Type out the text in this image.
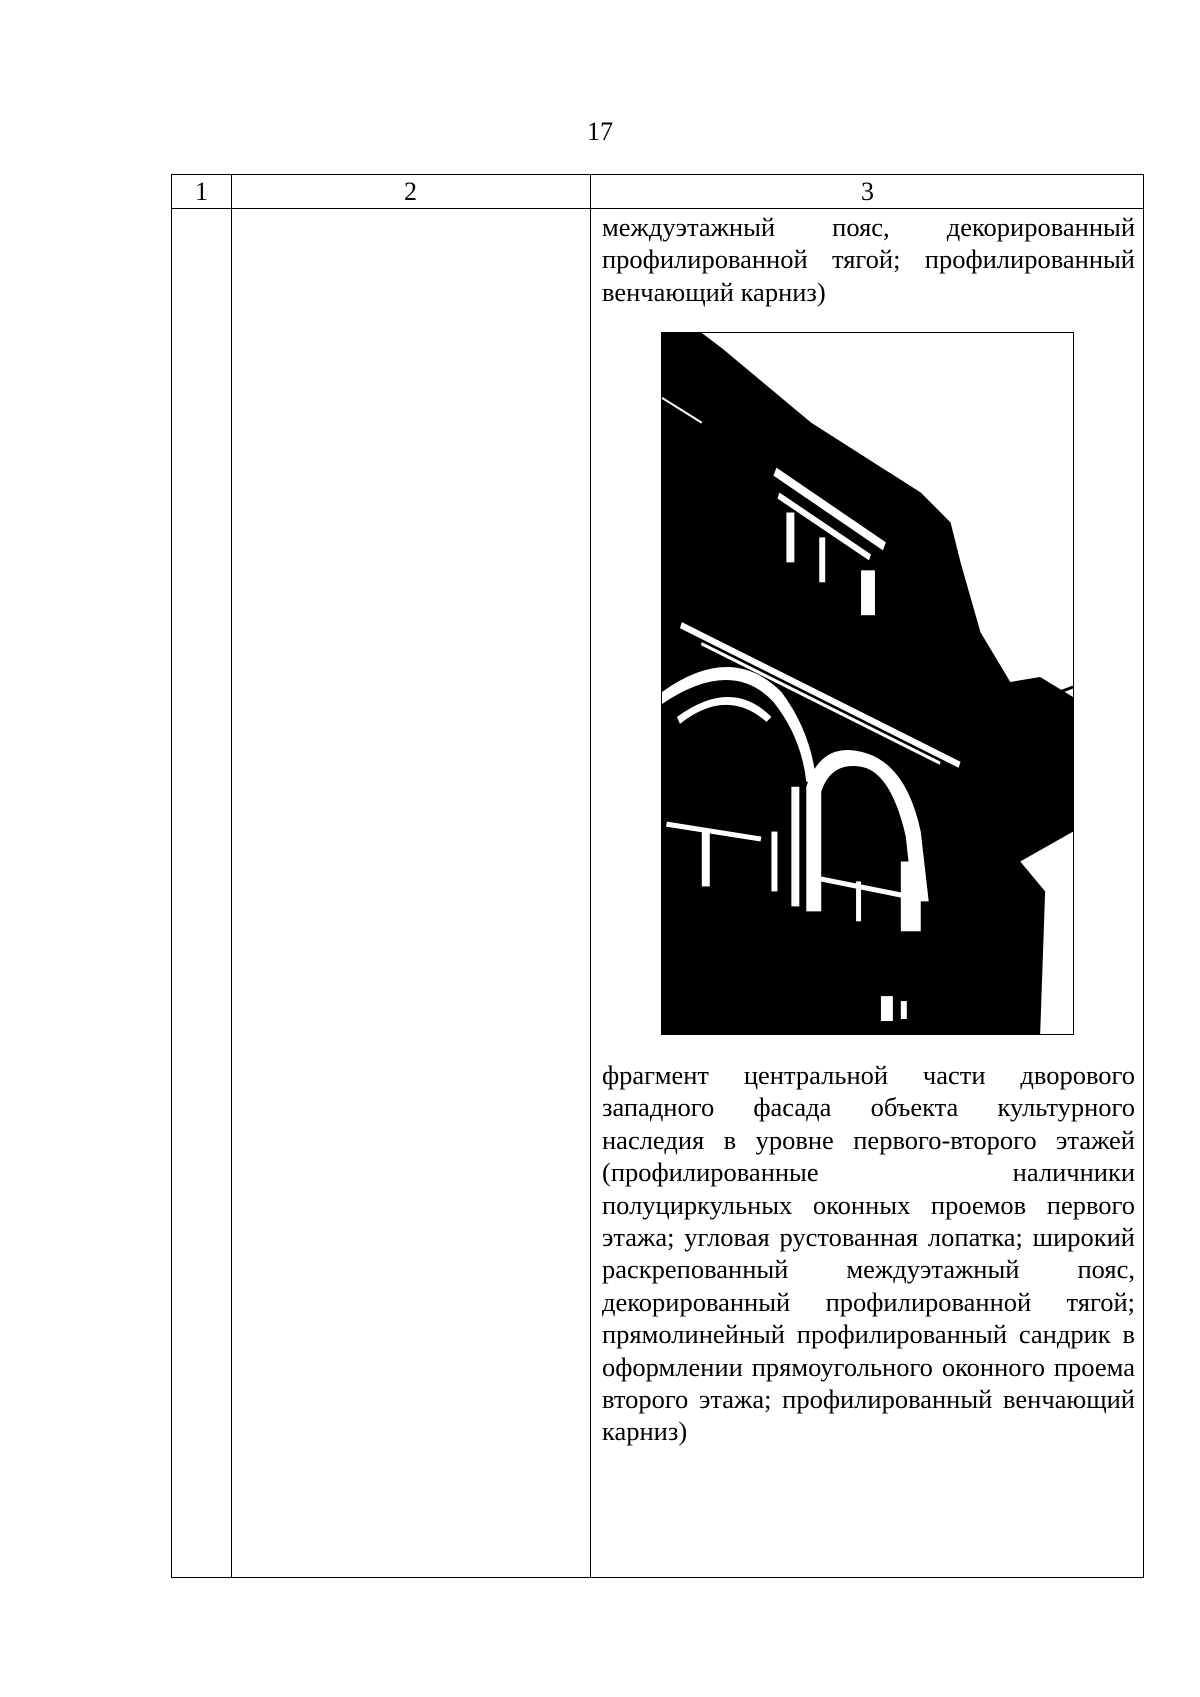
17
1	2	3
междуэтажный пояс, декорированный профилированной тягой; профилированный венчающий карниз)
фрагмент центральной части дворового западного фасада объекта культурного наследия в уровне первого-второго этажей (профилированные наличники полуциркульных оконных проемов первого этажа; угловая рустованная лопатка; широкий раскрепованный междуэтажный пояс, декорированный профилированной тягой; прямолинейный профилированный сандрик в оформлении прямоугольного оконного проема второго этажа; профилированный венчающий карниз)
